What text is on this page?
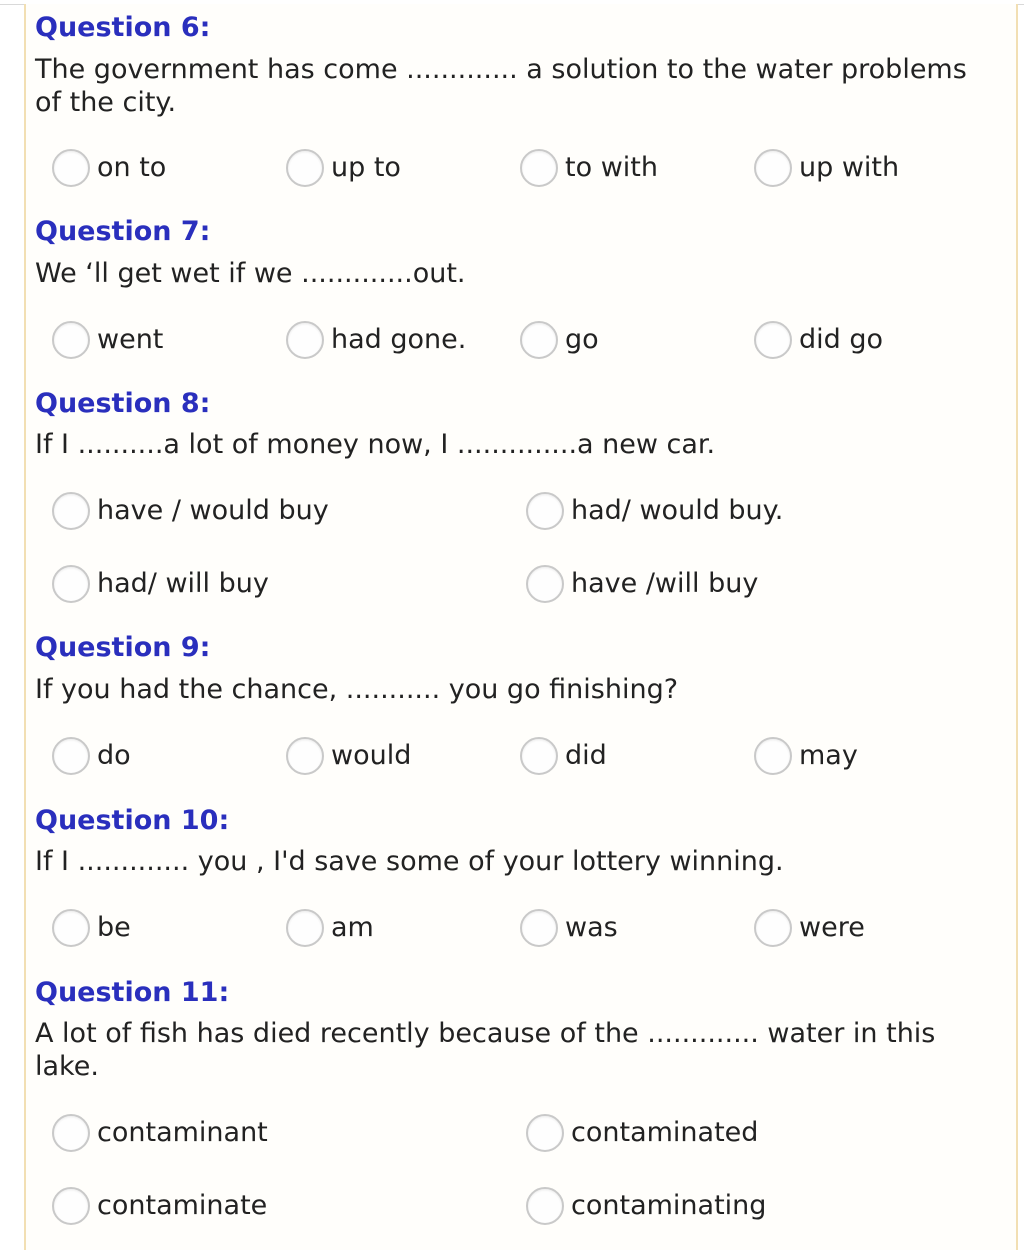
Question 6:
The government has come ............. a solution to the water problems of the city.
on to	up to	to with	up with
Question 7:
We ‘ll get wet if we .............out.
went	had gone.	go	did go
Question 8:
If I ..........a lot of money now, I ..............a new car.
have / would buy	had/ would buy.
had/ will buy	have /will buy
Question 9:
If you had the chance, ........... you go finishing?
do	would	did	may
Question 10:
If I ............. you , I'd save some of your lottery winning.
be	am	was	were
Question 11:
A lot of fish has died recently because of the ............. water in this lake.
contaminant	contaminated
contaminate	contaminating
